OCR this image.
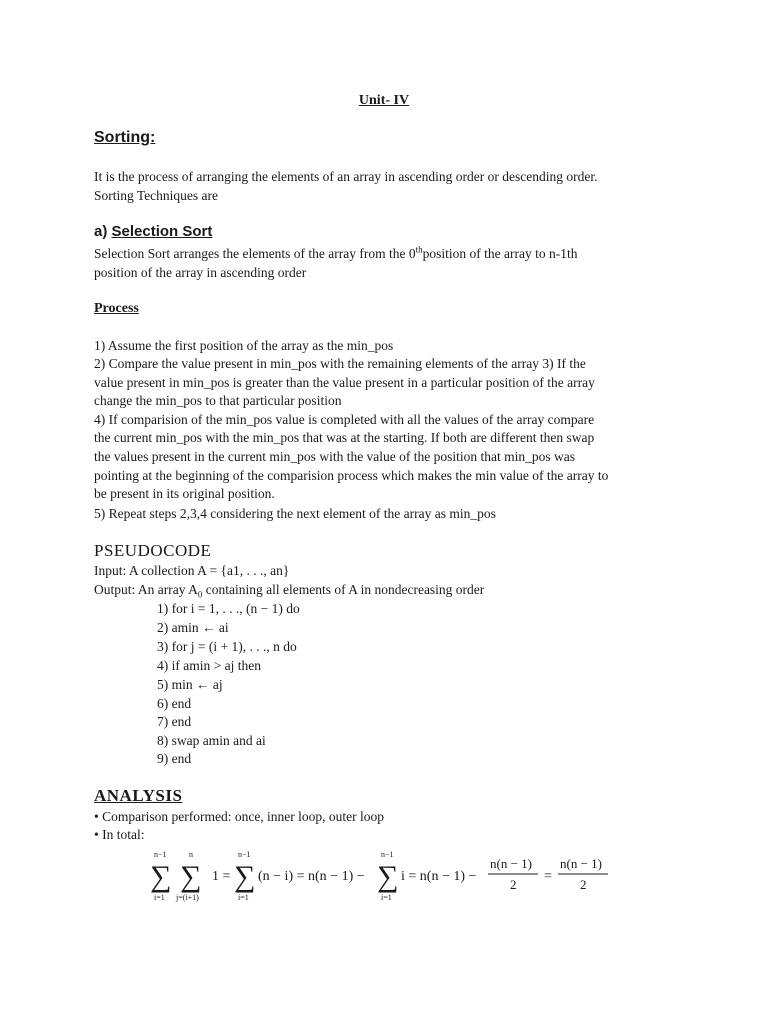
Unit- IV
Sorting:
It is the process of arranging the elements of an array in ascending order or descending order.
Sorting Techniques are
a) Selection Sort
Selection Sort arranges the elements of the array from the 0thposition of the array to n-1th
position of the array in ascending order
Process
1) Assume the first position of the array as the min_pos
2) Compare the value present in min_pos with the remaining elements of the array 3) If the
value present in min_pos is greater than the value present in a particular position of the array
change the min_pos to that particular position
4) If comparision of the min_pos value is completed with all the values of the array compare
the current min_pos with the min_pos that was at the starting. If both are different then swap
the values present in the current min_pos with the value of the position that min_pos was
pointing at the beginning of the comparision process which makes the min value of the array to
be present in its original position.
5) Repeat steps 2,3,4 considering the next element of the array as min_pos
PSEUDOCODE
Input: A collection A = {a1, . . ., an}
Output: An array $A_0$ containing all elements of A in nondecreasing order
1) for i = 1, . . ., (n − 1) do
2) amin ← ai
3) for j = (i + 1), . . ., n do
4) if amin > aj then
5) min ← aj
6) end
7) end
8) swap amin and ai
9) end
ANALYSIS
• Comparison performed: once, inner loop, outer loop
• In total:
n−1
∑
i=1
n
∑
j=(i+1)
1 =
n−1
∑
i=1
(n − i) = n(n − 1) −
n−1
∑
i=1
i = n(n − 1) −
n(n − 1)
2
=
n(n − 1)
2
